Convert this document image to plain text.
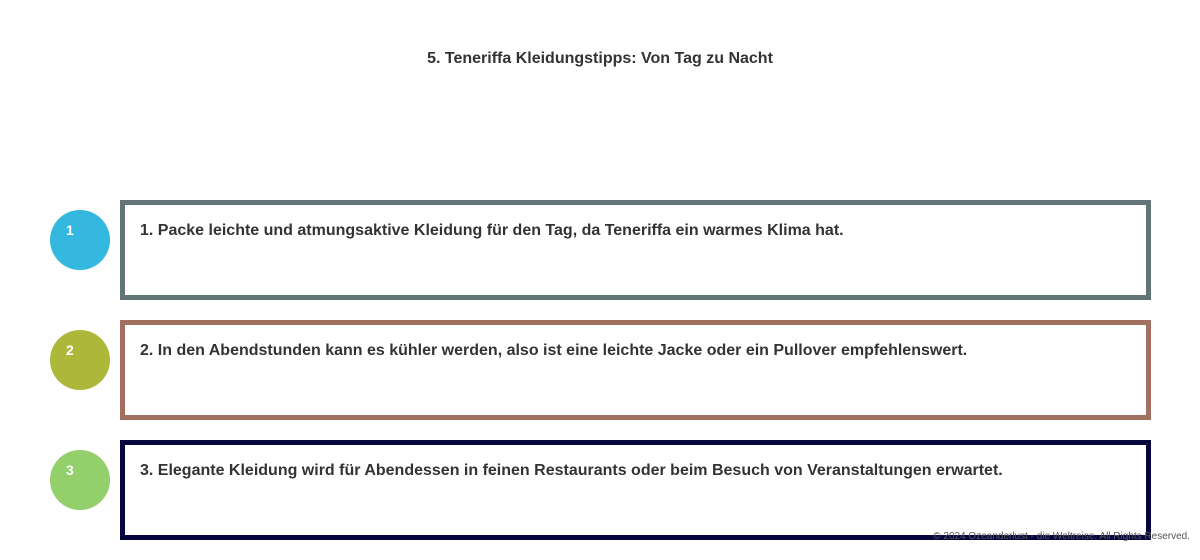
5. Teneriffa Kleidungstipps: Von Tag zu Nacht
1	1. Packe leichte und atmungsaktive Kleidung für den Tag, da Teneriffa ein warmes Klima hat.
2	2. In den Abendstunden kann es kühler werden, also ist eine leichte Jacke oder ein Pullover empfehlenswert.
3	3. Elegante Kleidung wird für Abendessen in feinen Restaurants oder beim Besuch von Veranstaltungen erwartet.
© 2024 Ozeanderlust - die Weltreise. All Rights Reserved.
